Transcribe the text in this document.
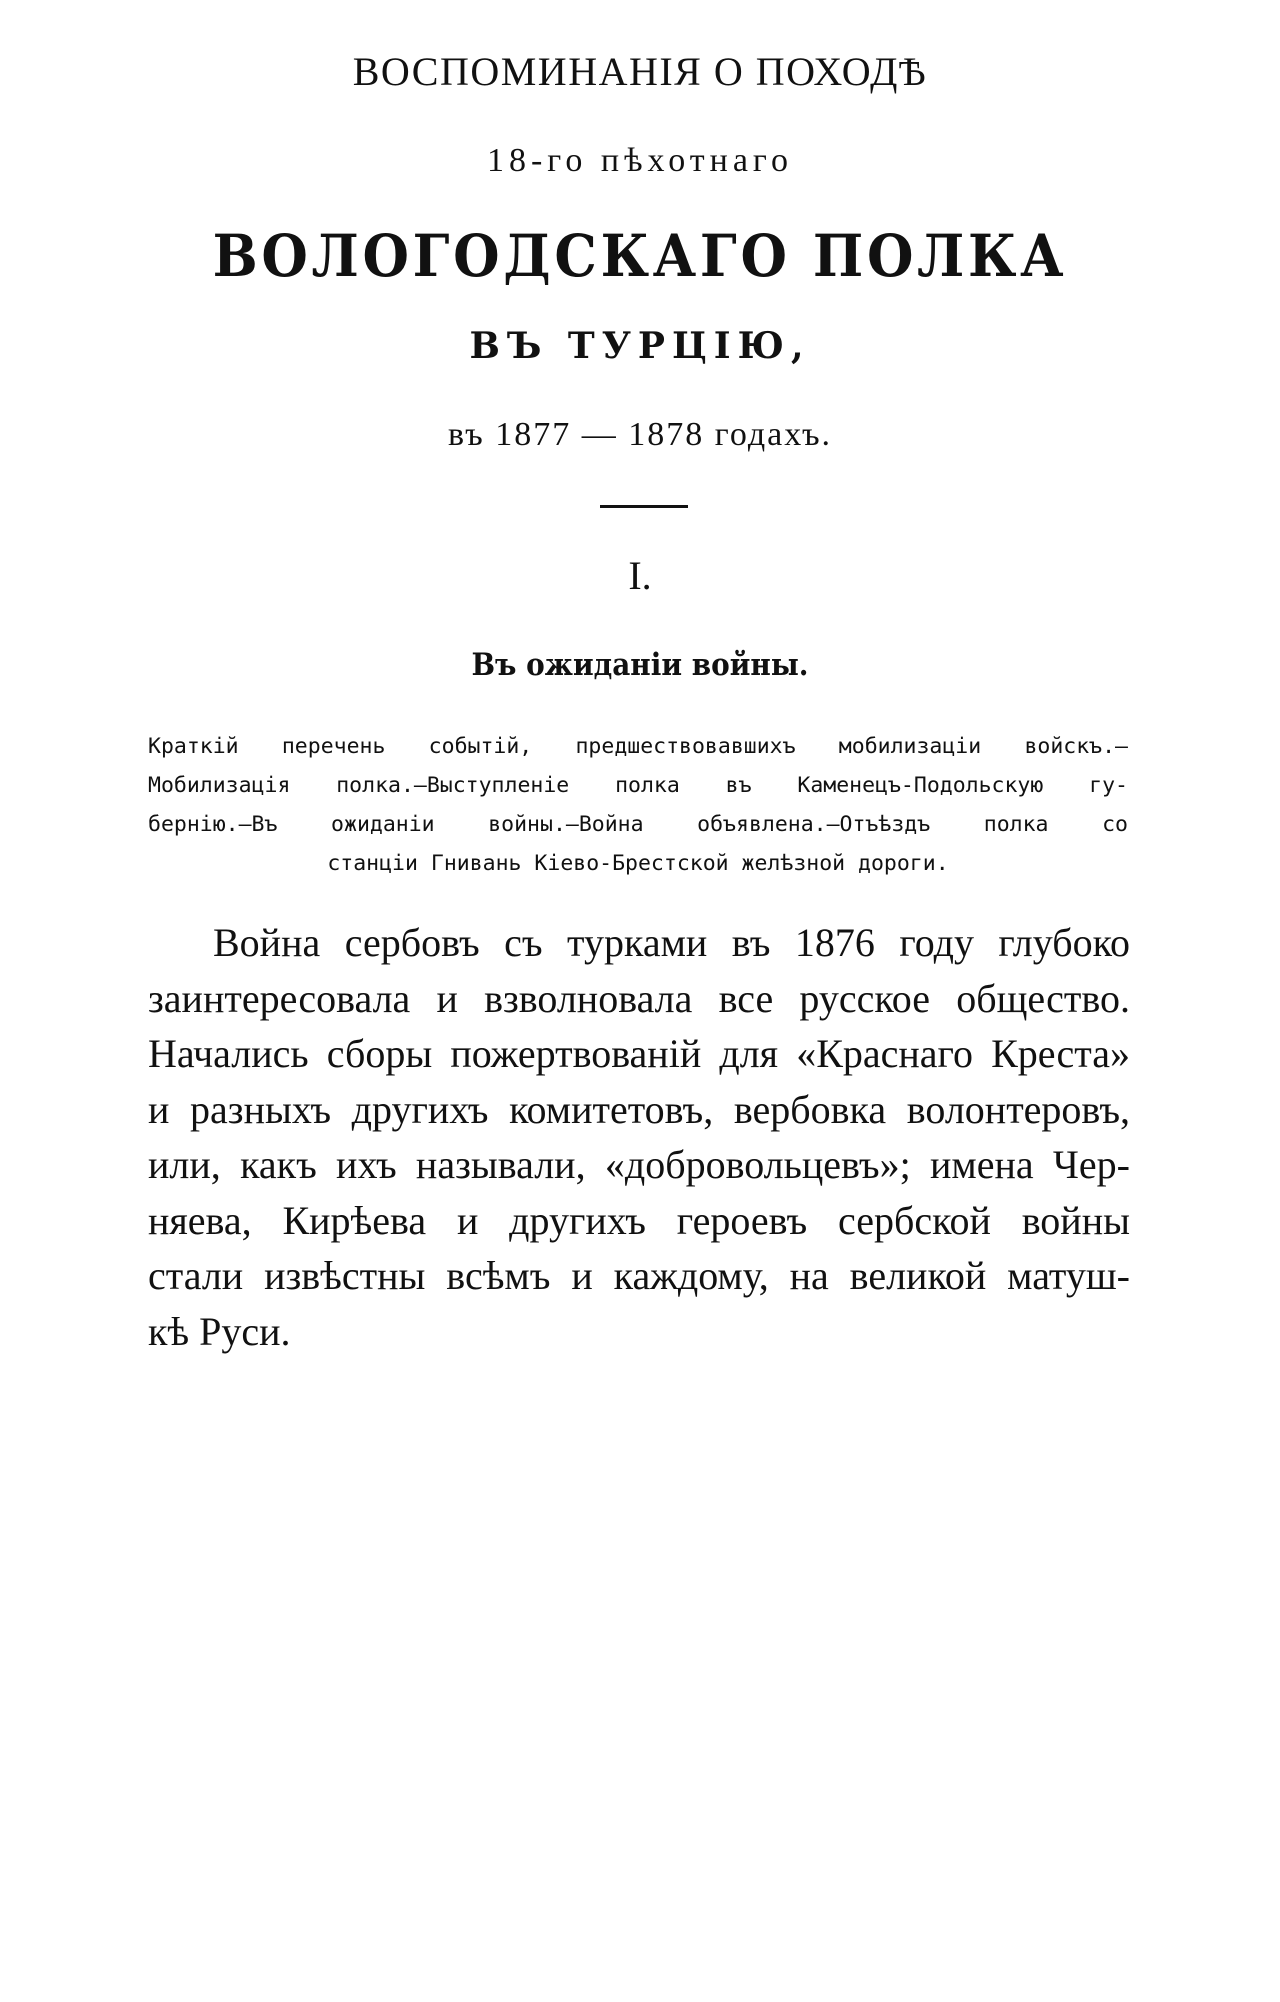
ВОСПОМИНАНІЯ О ПОХОДѢ
18-го пѣхотнаго
ВОЛОГОДСКАГО ПОЛКА
ВЪ ТУРЦІЮ,
въ 1877 — 1878 годахъ.
I.
Въ ожиданіи войны.
Краткій перечень событій, предшествовавшихъ мобилизаціи войскъ.—
Мобилизація полка.—Выступленіе полка въ Каменецъ-Подольскую гу-
бернію.—Въ ожиданіи войны.—Война объявлена.—Отъѣздъ полка со
станціи Гнивань Кіево-Брестской желѣзной дороги.
Война сербовъ съ турками въ 1876 году глубоко
заинтересовала и взволновала все русское общество.
Начались сборы пожертвованій для «Краснаго Креста»
и разныхъ другихъ комитетовъ, вербовка волонтеровъ,
или, какъ ихъ называли, «добровольцевъ»; имена Чер-
няева, Кирѣева и другихъ героевъ сербской войны
стали извѣстны всѣмъ и каждому, на великой матуш-
кѣ Руси.
